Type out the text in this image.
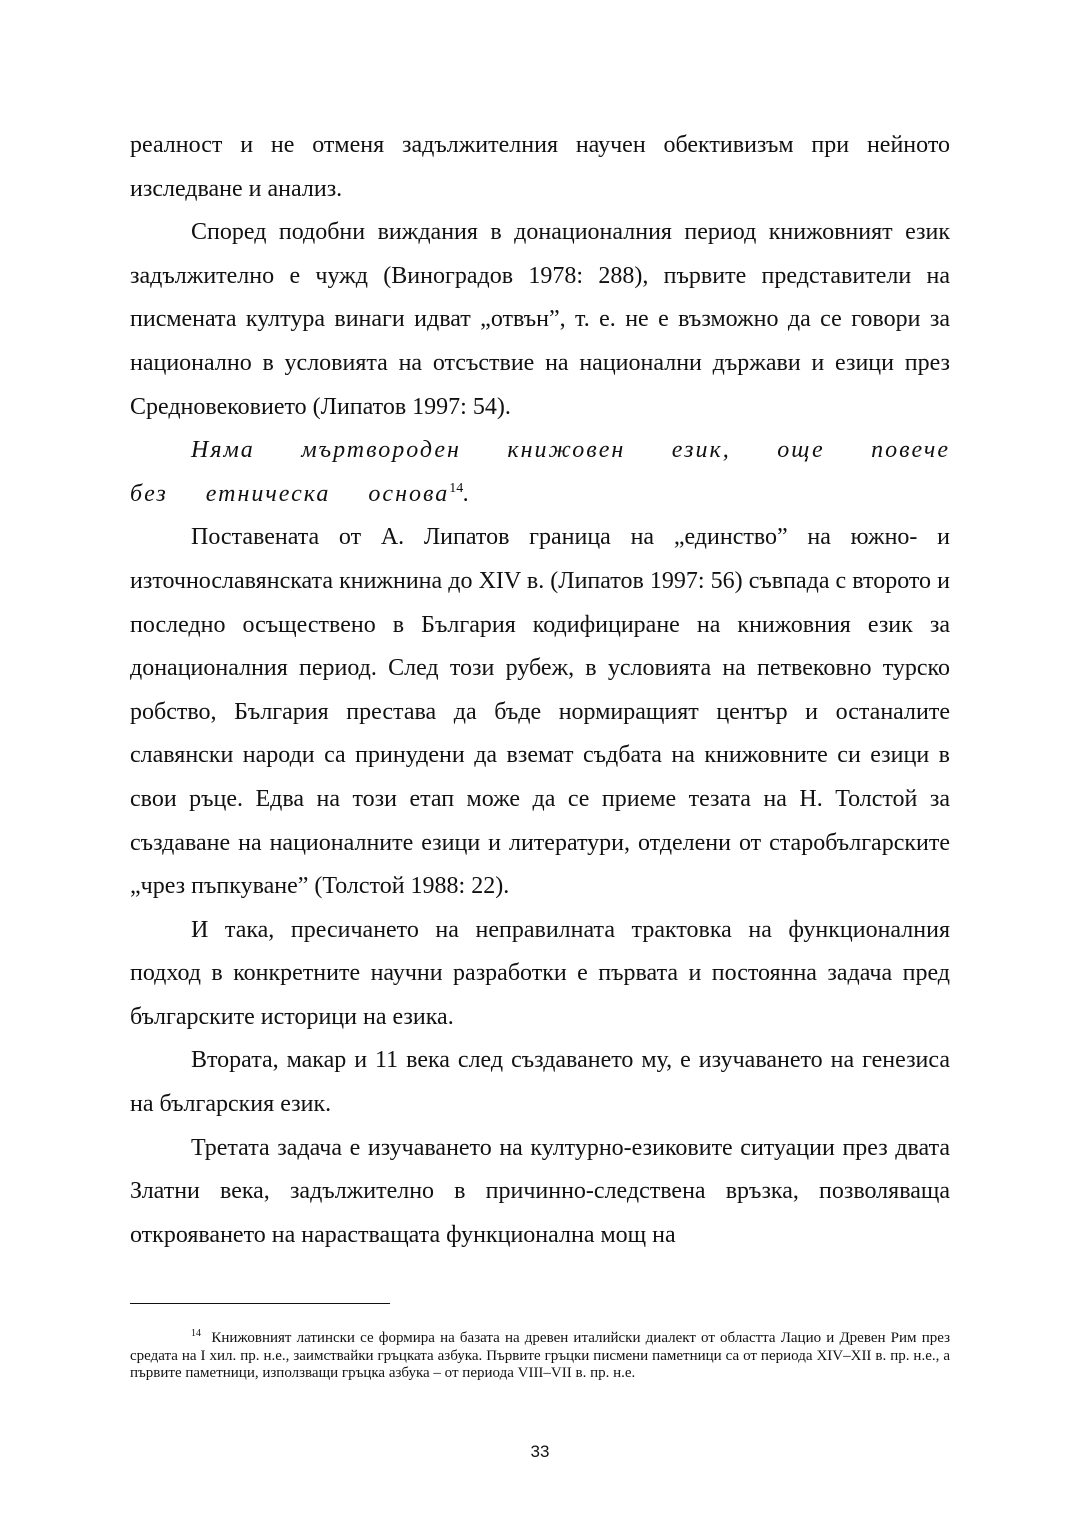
реалност и не отменя задължителния научен обективизъм при нейното изследване и анализ.

Според подобни виждания в донационалния период книжовният език задължително е чужд (Виноградов 1978: 288), първите представители на писмената култура винаги идват „отвън”, т. е. не е възможно да се говори за национално в условията на отсъствие на национални държави и езици през Средновековието (Липатов 1997: 54).

Няма мъртвороден книжовен език, още повече без етническа основа$^{14}$.

Поставената от А. Липатов граница на „единство” на южно- и източнославянската книжнина до XIV в. (Липатов 1997: 56) съвпада с второто и последно осъществено в България кодифициране на книжовния език за донационалния период. След този рубеж, в условията на петвековно турско робство, България престава да бъде нормиращият център и останалите славянски народи са принудени да вземат съдбата на книжовните си езици в свои ръце. Едва на този етап може да се приеме тезата на Н. Толстой за създаване на националните езици и литератури, отделени от старобългарските „чрез пъпкуване” (Толстой 1988: 22).

И така, пресичането на неправилната трактовка на функционалния подход в конкретните научни разработки е първата и постоянна задача пред българските историци на езика.

Втората, макар и 11 века след създаването му, е изучаването на генезиса на българския език.

Третата задача е изучаването на културно-езиковите ситуации през двата Златни века, задължително в причинно-следствена връзка, позволяваща открояването на нарастващата функционална мощ на

$^{14}$ Книжовният латински се формира на базата на древен италийски диалект от областта Лацио и Древен Рим през средата на I хил. пр. н.е., заимствайки гръцката азбука. Първите гръцки писмени паметници са от периода XIV–XII в. пр. н.е., а първите паметници, използващи гръцка азбука – от периода VIII–VII в. пр. н.е.

33
